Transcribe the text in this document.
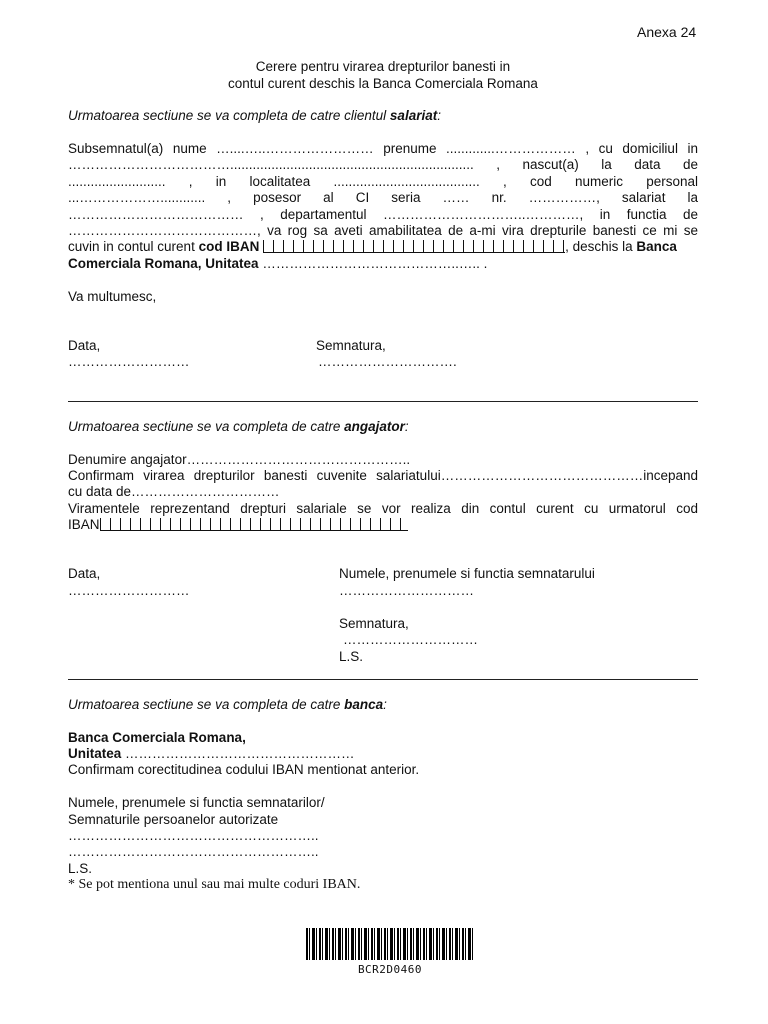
Anexa 24
Cerere pentru virarea drepturilor banesti in
contul curent deschis la Banca Comerciala Romana
Urmatoarea sectiune se va completa de catre clientul salariat:
Subsemnatul(a) nume …....…..…………………… prenume .............……………… , cu domiciliul in
………………………………................................................................. , nascut(a) la data de
.......................... , in localitatea ....................................... , cod numeric personal
...………………............ , posesor al CI seria …… nr. ……………, salariat la
………………………………… , departamentul …………………………..…………, in functia de
……………………………………, va rog sa aveti amabilitatea de a-mi vira drepturile banesti ce mi se
cuvin in contul curent cod IBAN	, deschis la Banca
Comerciala Romana, Unitatea ……………………………………..….. .
Va multumesc,
Data,
………………………
Semnatura,
………………………….
Urmatoarea sectiune se va completa de catre angajator:
Denumire angajator…………………………………………..
Confirmam virarea drepturilor banesti cuvenite salariatului………………………………………incepand
cu data de……………………………
Viramentele reprezentand drepturi salariale se vor realiza din contul curent cu urmatorul cod
IBAN
Data,
………………………
Numele, prenumele si functia semnatarului
…………………………
Semnatura,
…………………………
L.S.
Urmatoarea sectiune se va completa de catre banca:
Banca Comerciala Romana,
Unitatea ……………………………………………
Confirmam corectitudinea codului IBAN mentionat anterior.
Numele, prenumele si functia semnatarilor/
Semnaturile persoanelor autorizate
………………………………………………..
………………………………………………..
L.S.
* Se pot mentiona unul sau mai multe coduri IBAN.
BCR2D0460
